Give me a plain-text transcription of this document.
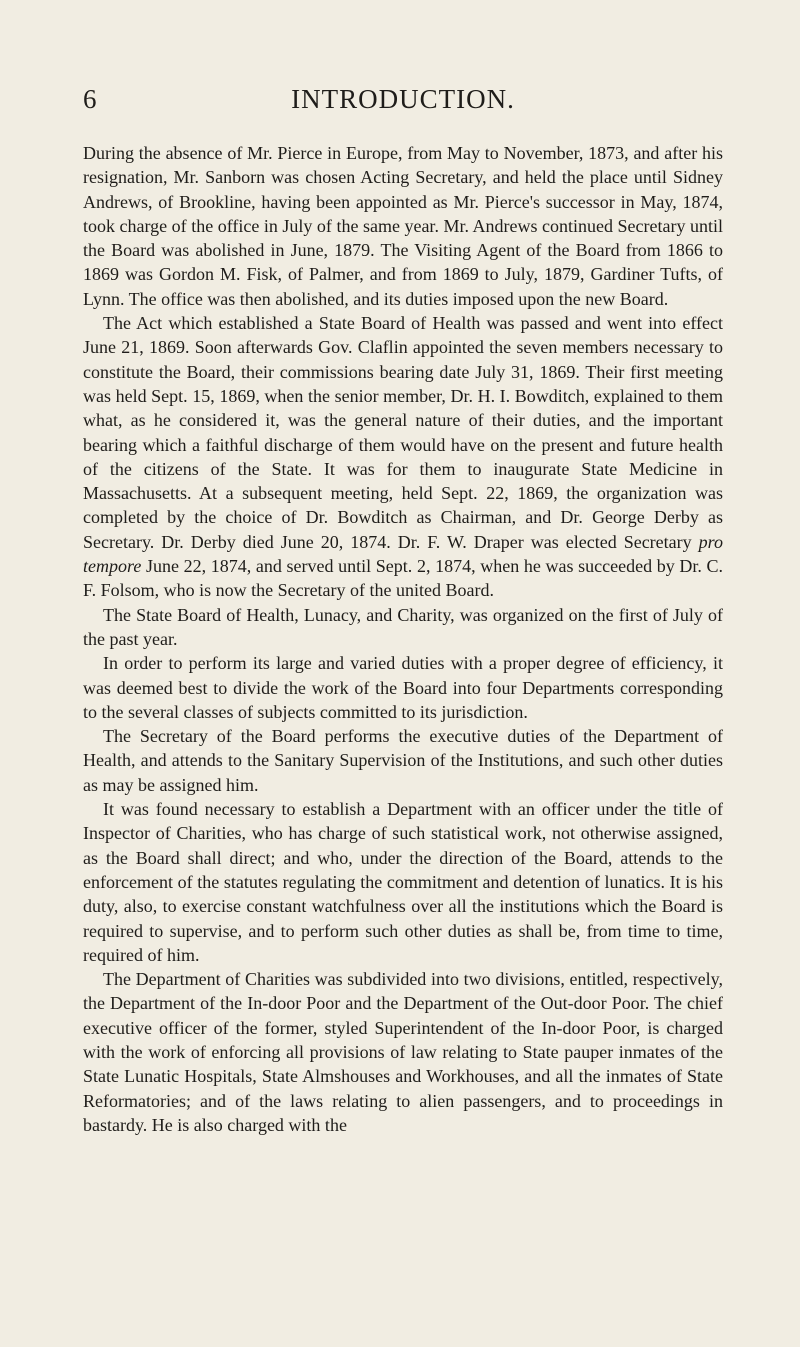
6	INTRODUCTION.

During the absence of Mr. Pierce in Europe, from May to November, 1873, and after his resignation, Mr. Sanborn was chosen Acting Secretary, and held the place until Sidney Andrews, of Brookline, having been appointed as Mr. Pierce's successor in May, 1874, took charge of the office in July of the same year. Mr. Andrews continued Secretary until the Board was abolished in June, 1879. The Visiting Agent of the Board from 1866 to 1869 was Gordon M. Fisk, of Palmer, and from 1869 to July, 1879, Gardiner Tufts, of Lynn. The office was then abolished, and its duties imposed upon the new Board.

The Act which established a State Board of Health was passed and went into effect June 21, 1869. Soon afterwards Gov. Claflin appointed the seven members necessary to constitute the Board, their commissions bearing date July 31, 1869. Their first meeting was held Sept. 15, 1869, when the senior member, Dr. H. I. Bowditch, explained to them what, as he considered it, was the general nature of their duties, and the important bearing which a faithful discharge of them would have on the present and future health of the citizens of the State. It was for them to inaugurate State Medicine in Massachusetts. At a subsequent meeting, held Sept. 22, 1869, the organization was completed by the choice of Dr. Bowditch as Chairman, and Dr. George Derby as Secretary. Dr. Derby died June 20, 1874. Dr. F. W. Draper was elected Secretary pro tempore June 22, 1874, and served until Sept. 2, 1874, when he was succeeded by Dr. C. F. Folsom, who is now the Secretary of the united Board.

The State Board of Health, Lunacy, and Charity, was organized on the first of July of the past year.

In order to perform its large and varied duties with a proper degree of efficiency, it was deemed best to divide the work of the Board into four Departments corresponding to the several classes of subjects committed to its jurisdiction.

The Secretary of the Board performs the executive duties of the Department of Health, and attends to the Sanitary Supervision of the Institutions, and such other duties as may be assigned him.

It was found necessary to establish a Department with an officer under the title of Inspector of Charities, who has charge of such statistical work, not otherwise assigned, as the Board shall direct; and who, under the direction of the Board, attends to the enforcement of the statutes regulating the commitment and detention of lunatics. It is his duty, also, to exercise constant watchfulness over all the institutions which the Board is required to supervise, and to perform such other duties as shall be, from time to time, required of him.

The Department of Charities was subdivided into two divisions, entitled, respectively, the Department of the In-door Poor and the Department of the Out-door Poor. The chief executive officer of the former, styled Superintendent of the In-door Poor, is charged with the work of enforcing all provisions of law relating to State pauper inmates of the State Lunatic Hospitals, State Almshouses and Workhouses, and all the inmates of State Reformatories; and of the laws relating to alien passengers, and to proceedings in bastardy. He is also charged with the
